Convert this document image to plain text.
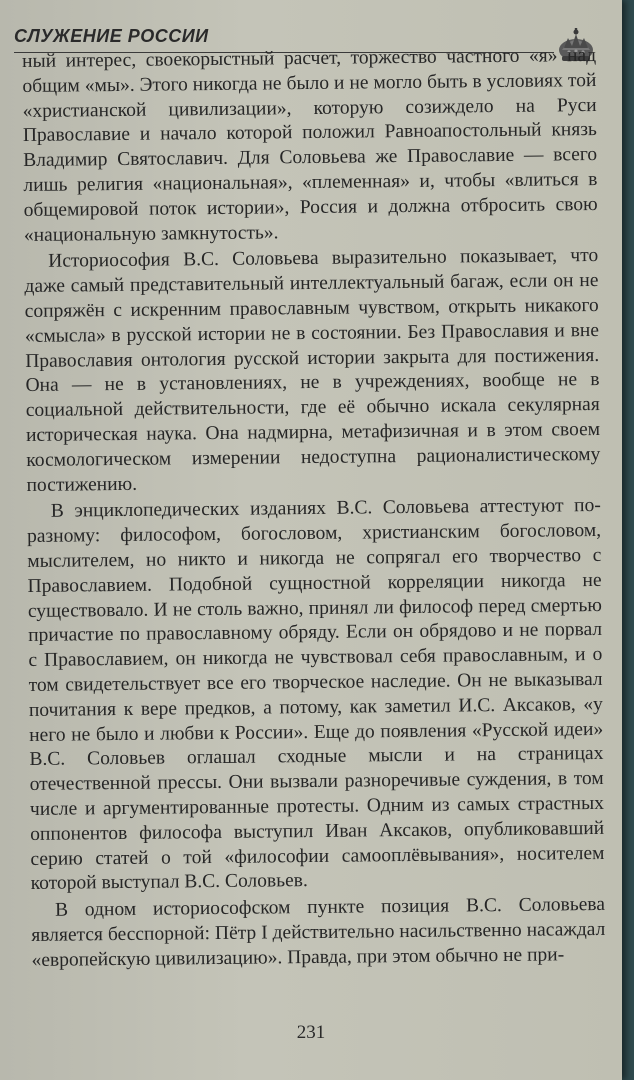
СЛУЖЕНИЕ РОССИИ

ный интерес, своекорыстный расчет, торжество частного «я» над общим «мы». Этого никогда не было и не могло быть в условиях той «христианской цивилизации», которую созиждело на Руси Православие и начало которой положил Равноапостольный князь Владимир Святославич. Для Соловьева же Православие — всего лишь религия «национальная», «племенная» и, чтобы «влиться в общемировой поток истории», Россия и должна отбросить свою «национальную замкнутость».

Историософия В.С. Соловьева выразительно показывает, что даже самый представительный интеллектуальный багаж, если он не сопряжён с искренним православным чувством, открыть никакого «смысла» в русской истории не в состоянии. Без Православия и вне Православия онтология русской истории закрыта для постижения. Она — не в установлениях, не в учреждениях, вообще не в социальной действительности, где её обычно искала секулярная историческая наука. Она надмирна, метафизичная и в этом своем космологическом измерении недоступна рационалистическому постижению.

В энциклопедических изданиях В.С. Соловьева аттестуют по-разному: философом, богословом, христианским богословом, мыслителем, но никто и никогда не сопрягал его творчество с Православием. Подобной сущностной корреляции никогда не существовало. И не столь важно, принял ли философ перед смертью причастие по православному обряду. Если он обрядово и не порвал с Православием, он никогда не чувствовал себя православным, и о том свидетельствует все его творческое наследие. Он не выказывал почитания к вере предков, а потому, как заметил И.С. Аксаков, «у него не было и любви к России». Еще до появления «Русской идеи» В.С. Соловьев оглашал сходные мысли и на страницах отечественной прессы. Они вызвали разноречивые суждения, в том числе и аргументированные протесты. Одним из самых страстных оппонентов философа выступил Иван Аксаков, опубликовавший серию статей о той «философии самооплёвывания», носителем которой выступал В.С. Соловьев.

В одном историософском пункте позиция В.С. Соловьева является бесспорной: Пётр I действительно насильственно насаждал «европейскую цивилизацию». Правда, при этом обычно не при-

231
